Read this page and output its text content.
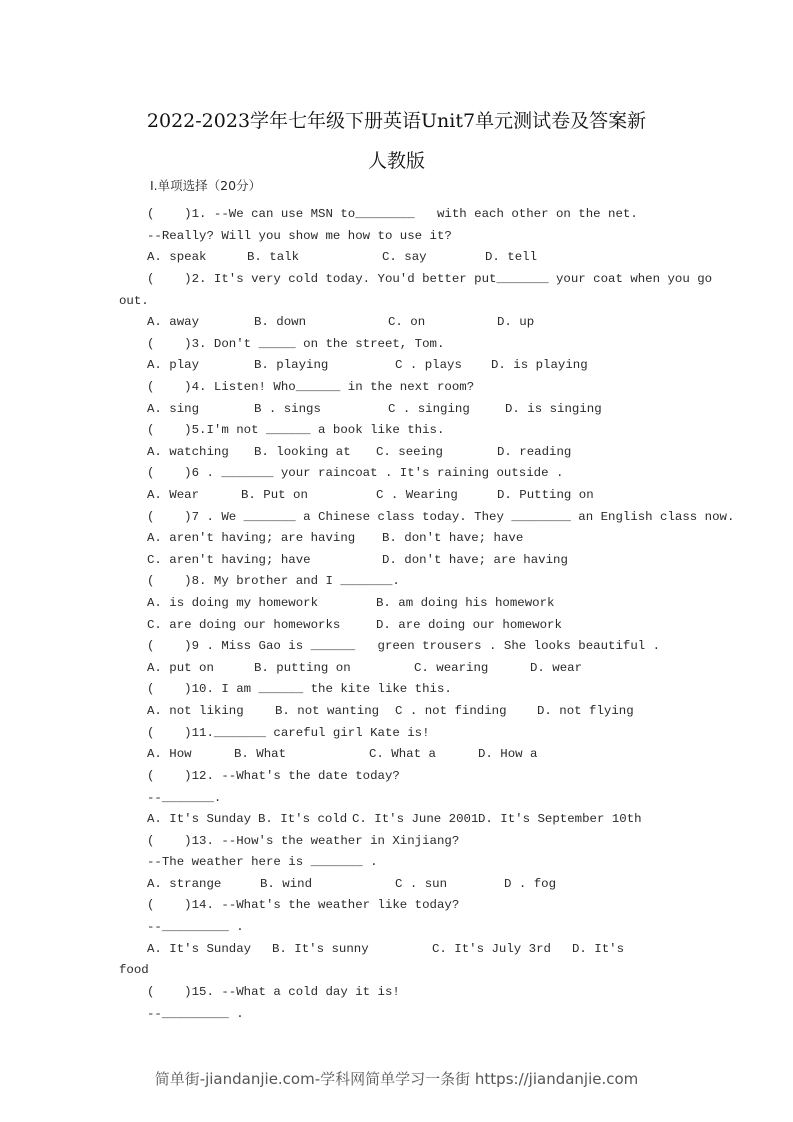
2022-2023学年七年级下册英语Unit7单元测试卷及答案新
人教版
I.单项选择（20分）
(    )1. --We can use MSN to________   with each other on the net.
--Really? Will you show me how to use it?
A. speak	B. talk	C. say	D. tell
(    )2. It's very cold today. You'd better put_______ your coat when you go
out.
A. away	B. down	C. on	D. up
(    )3. Don't _____ on the street, Tom.
A. play	B. playing	C . plays D. is playing
(    )4. Listen! Who______ in the next room?
A. sing	B . sings	C . singing	D. is singing
(    )5.I'm not ______ a book like this.
A. watching B. looking at C. seeing	D. reading
(    )6 . _______ your raincoat . It's raining outside .
A. Wear	B. Put on	C . Wearing	D. Putting on
(    )7 . We _______ a Chinese class today. They ________ an English class now.
A. aren't having; are having B. don't have; have
C. aren't having; have	D. don't have; are having
(    )8. My brother and I _______.
A. is doing my homework	B. am doing his homework
C. are doing our homeworks	D. are doing our homework
(    )9 . Miss Gao is ______   green trousers . She looks beautiful .
A. put on	B. putting on	C. wearing	D. wear
(    )10. I am ______ the kite like this.
A. not liking	B. not wanting C . not finding D. not flying
(    )11._______ careful girl Kate is!
A. How	B. What	C. What a	D. How a
(    )12. --What's the date today?
--_______.
A. It's Sunday B. It's cold C. It's June 2001 D. It's September 10th
(    )13. --How's the weather in Xinjiang?
--The weather here is _______ .
A. strange	B. wind	C . sun	D . fog
(    )14. --What's the weather like today?
--_________ .
A. It's Sunday B. It's sunny	C. It's July 3rd D. It's
food
(    )15. --What a cold day it is!
--_________ .
简单街-jiandanjie.com-学科网简单学习一条街 https://jiandanjie.com
